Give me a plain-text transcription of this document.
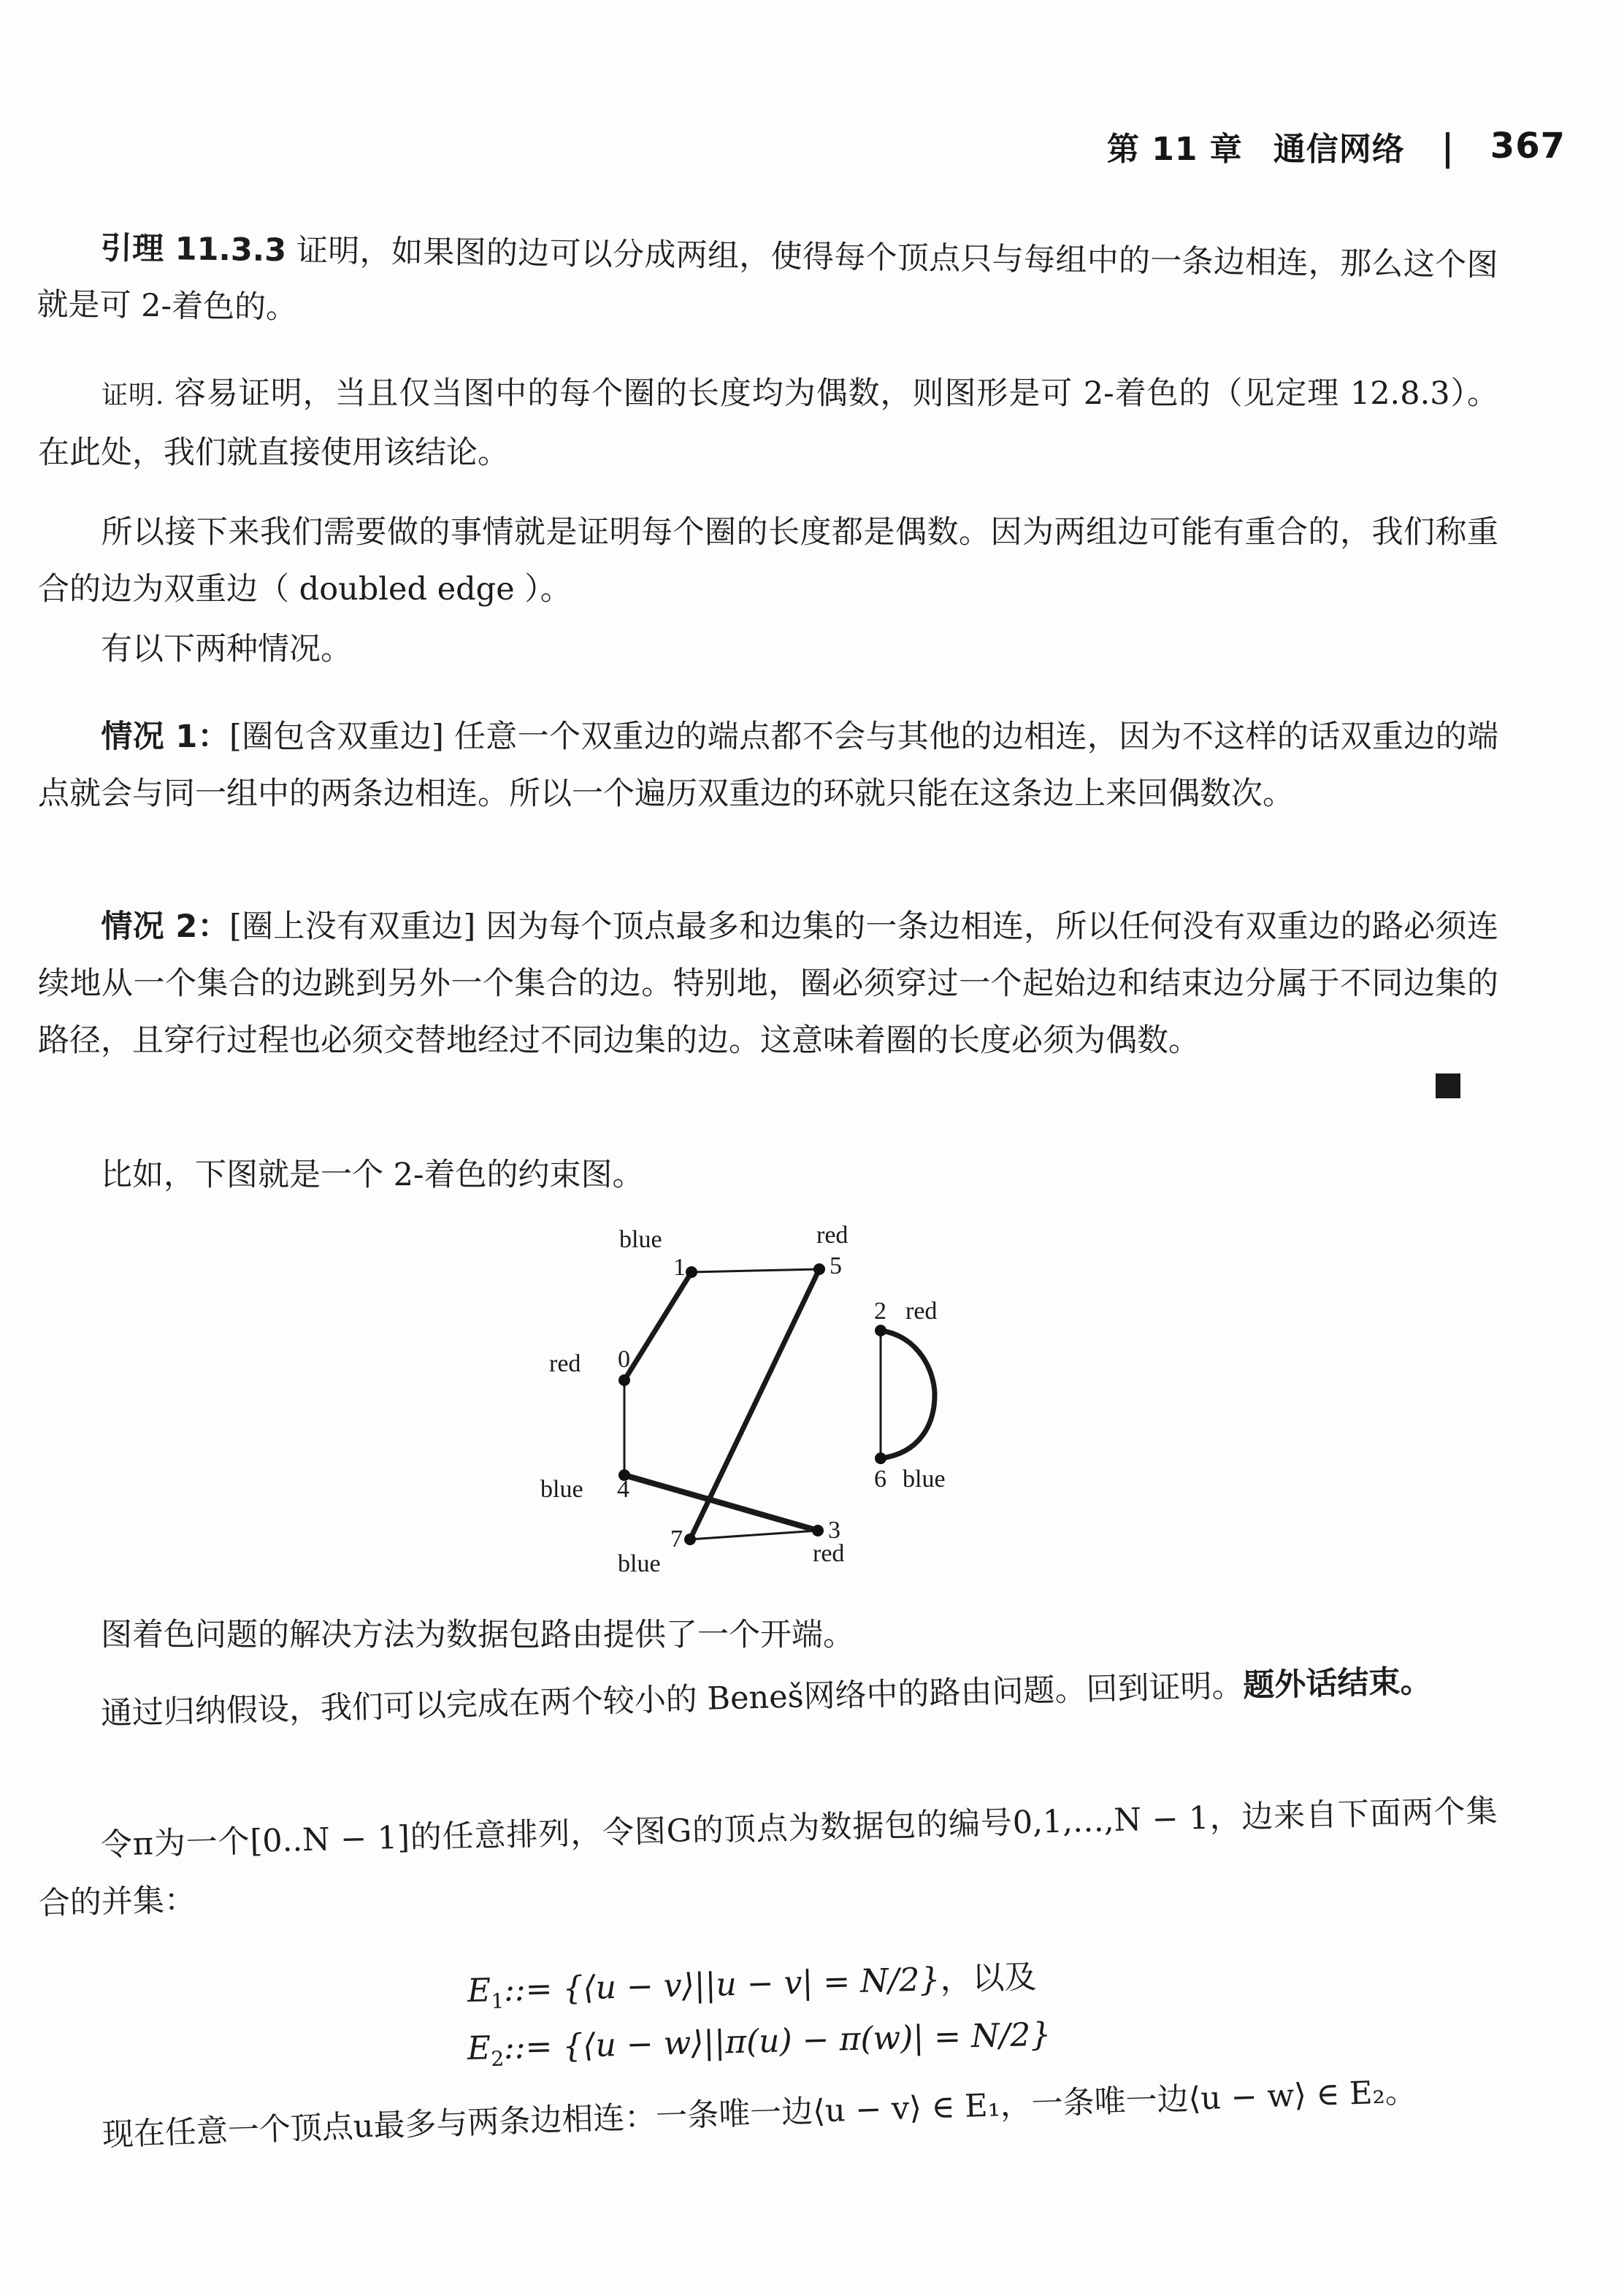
第 11 章 通信网络 367
引理 11.3.3 证明，如果图的边可以分成两组，使得每个顶点只与每组中的一条边相连，那么这个图就是可 2-着色的。
证明. 容易证明，当且仅当图中的每个圈的长度均为偶数，则图形是可 2-着色的（见定理 12.8.3）。在此处，我们就直接使用该结论。
所以接下来我们需要做的事情就是证明每个圈的长度都是偶数。因为两组边可能有重合的，我们称重合的边为双重边（ doubled edge ）。
有以下两种情况。
情况 1：[圈包含双重边] 任意一个双重边的端点都不会与其他的边相连，因为不这样的话双重边的端点就会与同一组中的两条边相连。所以一个遍历双重边的环就只能在这条边上来回偶数次。
情况 2：[圈上没有双重边] 因为每个顶点最多和边集的一条边相连，所以任何没有双重边的路必须连续地从一个集合的边跳到另外一个集合的边。特别地，圈必须穿过一个起始边和结束边分属于不同边集的路径，且穿行过程也必须交替地经过不同边集的边。这意味着圈的长度必须为偶数。
比如，下图就是一个 2-着色的约束图。
0
1	5
2
6
4
7	3
red
blue	red
red
blue
blue
blue	red
图着色问题的解决方法为数据包路由提供了一个开端。
通过归纳假设，我们可以完成在两个较小的 Beneš网络中的路由问题。回到证明。题外话结束。
令π为一个[0..N − 1]的任意排列，令图G的顶点为数据包的编号0,1,…,N − 1，边来自下面两个集合的并集：
$E_1::=$ {⟨u − v⟩||u − v| = N/2}，以及
$E_2::=$ {⟨u − w⟩||π(u) − π(w)| = N/2}
现在任意一个顶点u最多与两条边相连：一条唯一边⟨u − v⟩ ∈ E₁，一条唯一边⟨u − w⟩ ∈ E₂。
